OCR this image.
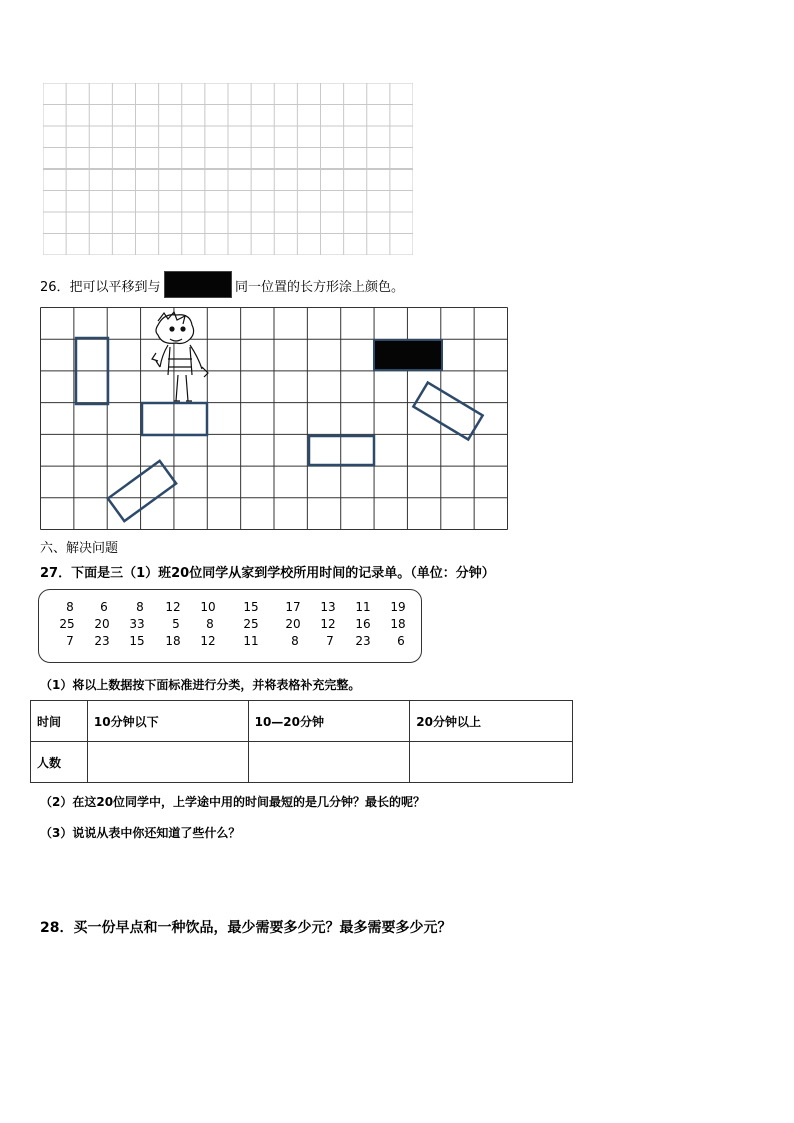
26．把可以平移到与	同一位置的长方形涂上颜色。
六、解决问题
27．下面是三（1）班20位同学从家到学校所用时间的记录单。（单位：分钟）
8	6	8	12	10	15	17	13	11	19
25	20	33	5	8	25	20	12	16	18
7	23	15	18	12	11	8	7	23	6
（1）将以上数据按下面标准进行分类，并将表格补充完整。
时间	10分钟以下	10—20分钟	20分钟以上
人数			
（2）在这20位同学中，上学途中用的时间最短的是几分钟？最长的呢？
（3）说说从表中你还知道了些什么？
28．买一份早点和一种饮品，最少需要多少元？最多需要多少元？
